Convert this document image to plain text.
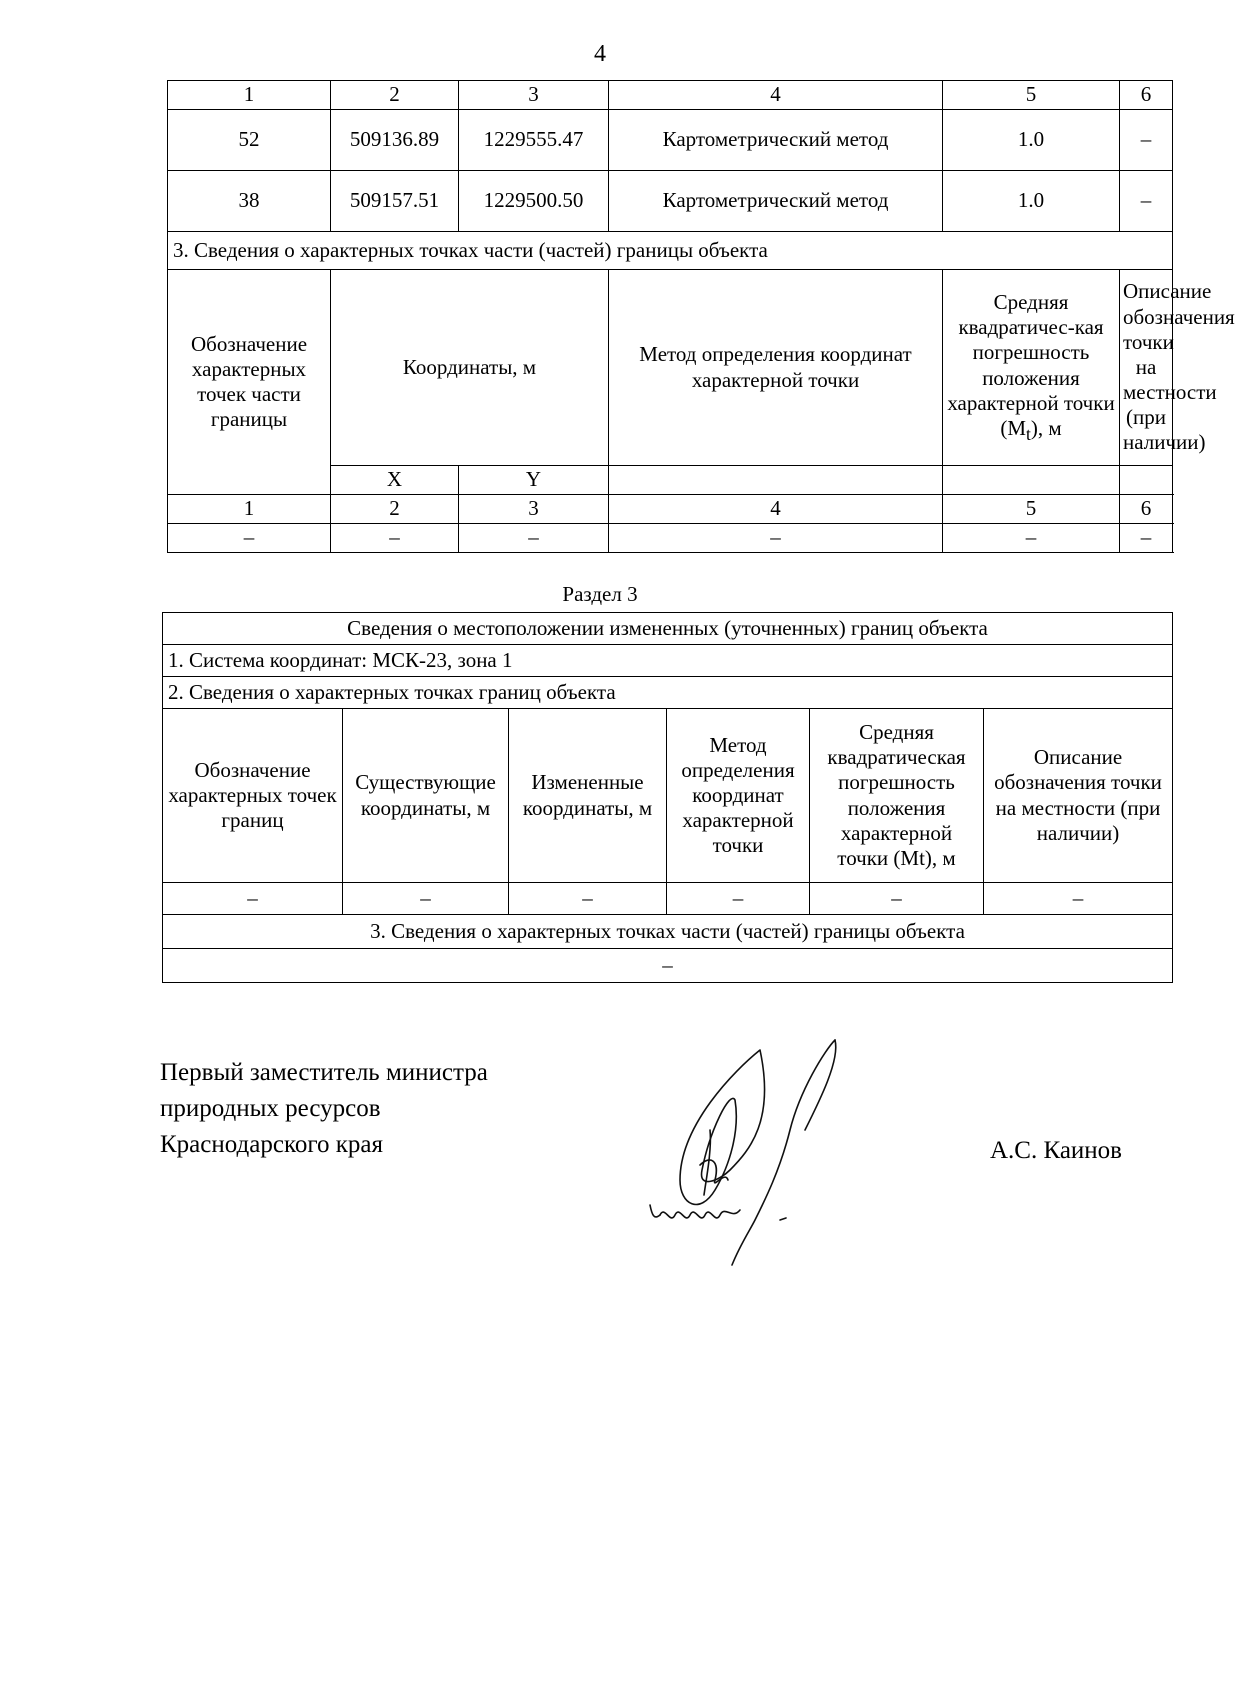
4
1	2	3	4	5	6
52	509136.89	1229555.47	Картометрический метод	1.0	–
38	509157.51	1229500.50	Картометрический метод	1.0	–
3. Сведения о характерных точках части (частей) границы объекта					
Обозначение характерных точек части границы	Координаты, м		Метод определения координат характерной точки	Средняя квадратичес-кая погрешность положения характерной точки $(M_t)$, м	Описание обозначения точки на местности (при наличии)
	X	Y			
1	2	3	4	5	6
–	–	–	–	–	–
Раздел 3
Сведения о местоположении измененных (уточненных) границ объекта					
1. Система координат: МСК-23, зона 1					
2. Сведения о характерных точках границ объекта					
Обозначение характерных точек границ	Существующие координаты, м	Измененные координаты, м	Метод определения координат характерной точки	Средняя квадратическая погрешность положения характерной точки (Mt), м	Описание обозначения точки на местности (при наличии)
–	–	–	–	–	–
3. Сведения о характерных точках части (частей) границы объекта					
–					
Первый заместитель министра
природных ресурсов
Краснодарского края	А.С. Каинов
